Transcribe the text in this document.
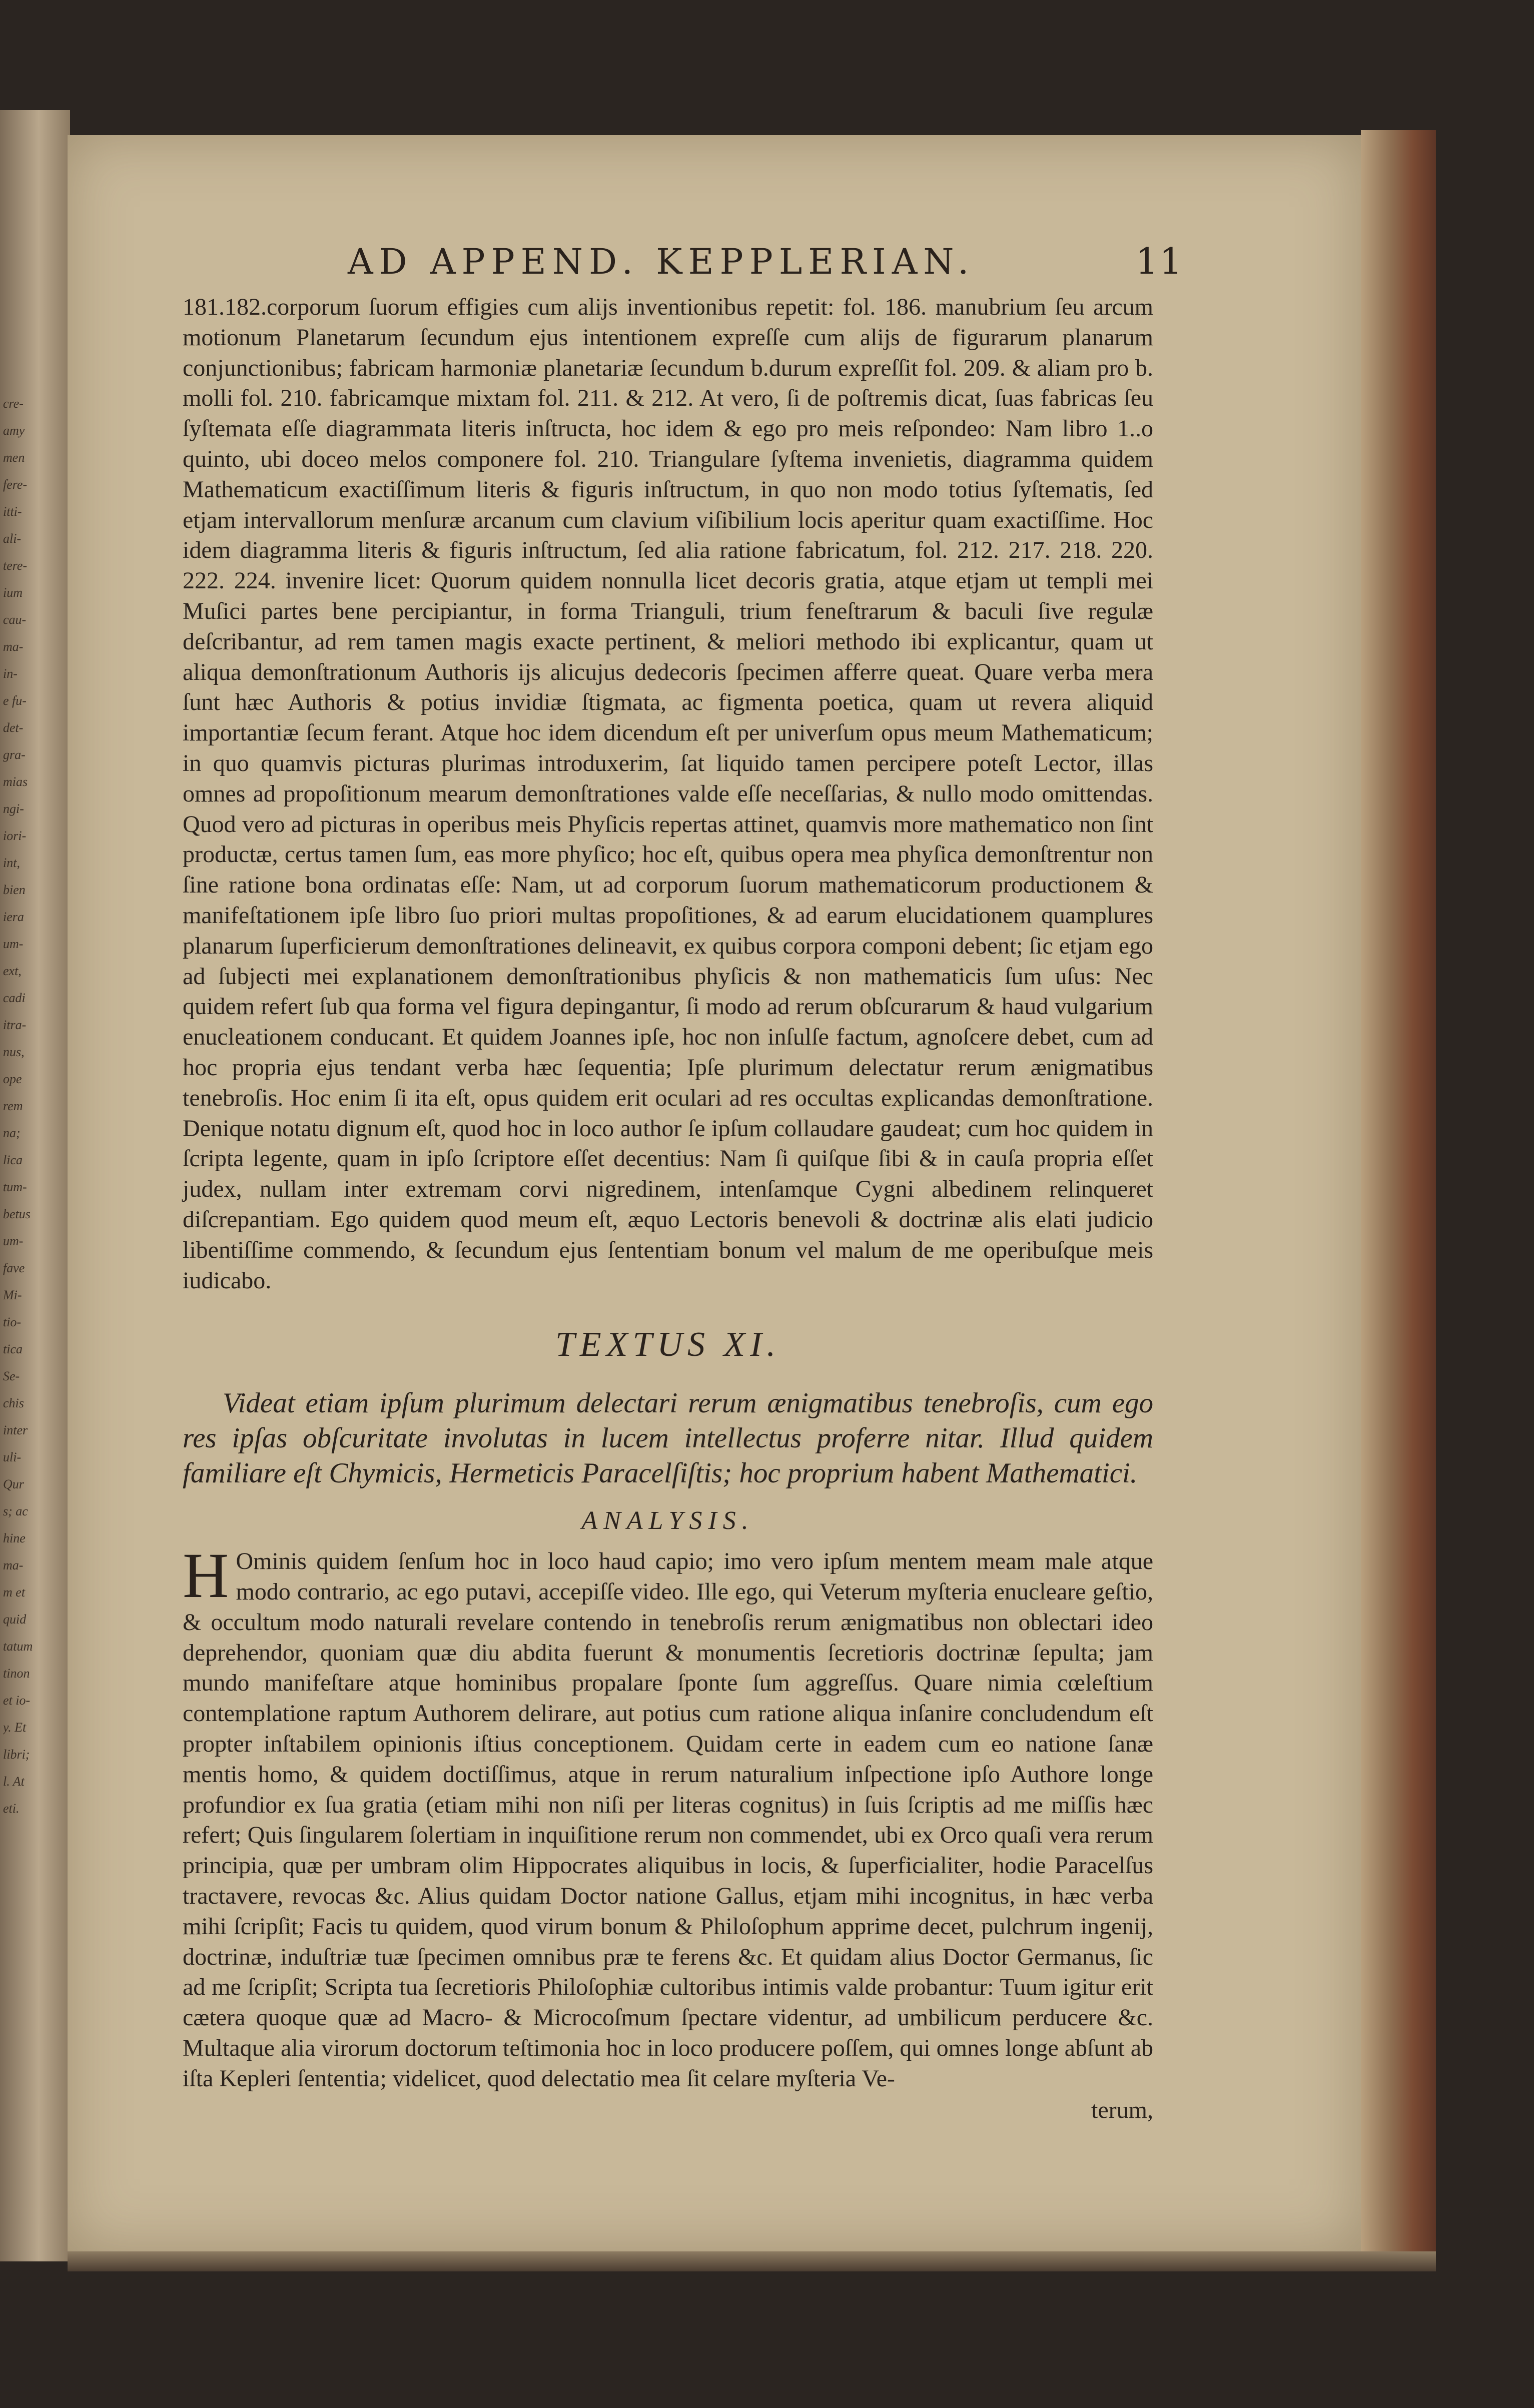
cre-
amy
men
fere-
itti-
ali-
tere-
ium
cau-
ma-
in-
e fu-
det-
gra-
mias
ngi-
iori-
int,
bien
iera
um-
ext,
cadi
itra-
nus,
ope
rem
na;
lica
tum-
betus
um-
fave
Mi-
tio-
tica
Se-
chis
inter
uli-
Qur
s; ac
hine
ma-
m et
quid
tatum
tinon
et io-
y. Et
libri;
l. At
eti.
AD APPEND. KEPPLERIAN.	11

181.182.corporum ſuorum effigies cum alijs inventionibus repetit: fol. 186. manubrium ſeu arcum motionum Planetarum ſecundum ejus intentionem expreſſe cum alijs de figurarum planarum conjunctionibus; fabricam harmoniæ planetariæ ſecundum b.durum expreſſit fol. 209. & aliam pro b. molli fol. 210. fabricamque mixtam fol. 211. & 212. At vero, ſi de poſtremis dicat, ſuas fabricas ſeu ſyſtemata eſſe diagrammata literis inſtructa, hoc idem & ego pro meis reſpondeo: Nam libro 1..o quinto, ubi doceo melos componere fol. 210. Triangulare ſyſtema invenietis, diagramma quidem Mathematicum exactiſſimum literis & figuris inſtructum, in quo non modo totius ſyſtematis, ſed etjam intervallorum menſuræ arcanum cum clavium viſibilium locis aperitur quam exactiſſime. Hoc idem diagramma literis & figuris inſtructum, ſed alia ratione fabricatum, fol. 212. 217. 218. 220. 222. 224. invenire licet: Quorum quidem nonnulla licet decoris gratia, atque etjam ut templi mei Muſici partes bene percipiantur, in forma Trianguli, trium feneſtrarum & baculi ſive regulæ deſcribantur, ad rem tamen magis exacte pertinent, & meliori methodo ibi explicantur, quam ut aliqua demonſtrationum Authoris ijs alicujus dedecoris ſpecimen afferre queat. Quare verba mera ſunt hæc Authoris & potius invidiæ ſtigmata, ac figmenta poetica, quam ut revera aliquid importantiæ ſecum ferant. Atque hoc idem dicendum eſt per univerſum opus meum Mathematicum; in quo quamvis picturas plurimas introduxerim, ſat liquido tamen percipere poteſt Lector, illas omnes ad propoſitionum mearum demonſtrationes valde eſſe neceſſarias, & nullo modo omittendas. Quod vero ad picturas in operibus meis Phyſicis repertas attinet, quamvis more mathematico non ſint productæ, certus tamen ſum, eas more phyſico; hoc eſt, quibus opera mea phyſica demonſtrentur non ſine ratione bona ordinatas eſſe: Nam, ut ad corporum ſuorum mathematicorum productionem & manifeſtationem ipſe libro ſuo priori multas propoſitiones, & ad earum elucidationem quamplures planarum ſuperficierum demonſtrationes delineavit, ex quibus corpora componi debent; ſic etjam ego ad ſubjecti mei explanationem demonſtrationibus phyſicis & non mathematicis ſum uſus: Nec quidem refert ſub qua forma vel figura depingantur, ſi modo ad rerum obſcurarum & haud vulgarium enucleationem conducant. Et quidem Joannes ipſe, hoc non inſulſe factum, agnoſcere debet, cum ad hoc propria ejus tendant verba hæc ſequentia; Ipſe plurimum delectatur rerum ænigmatibus tenebroſis. Hoc enim ſi ita eſt, opus quidem erit oculari ad res occultas explicandas demonſtratione. Denique notatu dignum eſt, quod hoc in loco author ſe ipſum collaudare gaudeat; cum hoc quidem in ſcripta legente, quam in ipſo ſcriptore eſſet decentius: Nam ſi quiſque ſibi & in cauſa propria eſſet judex, nullam inter extremam corvi nigredinem, intenſamque Cygni albedinem relinqueret diſcrepantiam. Ego quidem quod meum eſt, æquo Lectoris benevoli & doctrinæ alis elati judicio libentiſſime commendo, & ſecundum ejus ſententiam bonum vel malum de me operibuſque meis iudicabo.

TEXTUS XI.

Videat etiam ipſum plurimum delectari rerum ænigmatibus tenebroſis, cum ego res ipſas obſcuritate involutas in lucem intellectus proferre nitar. Illud quidem familiare eſt Chymicis, Hermeticis Paracelſiſtis; hoc proprium habent Mathematici.

ANALYSIS.

H Ominis quidem ſenſum hoc in loco haud capio; imo vero ipſum mentem meam male atque modo contrario, ac ego putavi, accepiſſe video. Ille ego, qui Veterum myſteria enucleare geſtio, & occultum modo naturali revelare contendo in tenebroſis rerum ænigmatibus non oblectari ideo deprehendor, quoniam quæ diu abdita fuerunt & monumentis ſecretioris doctrinæ ſepulta; jam mundo manifeſtare atque hominibus propalare ſponte ſum aggreſſus. Quare nimia cœleſtium contemplatione raptum Authorem delirare, aut potius cum ratione aliqua inſanire concludendum eſt propter inſtabilem opinionis iſtius conceptionem. Quidam certe in eadem cum eo natione ſanæ mentis homo, & quidem doctiſſimus, atque in rerum naturalium inſpectione ipſo Authore longe profundior ex ſua gratia (etiam mihi non niſi per literas cognitus) in ſuis ſcriptis ad me miſſis hæc refert; Quis ſingularem ſolertiam in inquiſitione rerum non commendet, ubi ex Orco quaſi vera rerum principia, quæ per umbram olim Hippocrates aliquibus in locis, & ſuperficialiter, hodie Paracelſus tractavere, revocas &c. Alius quidam Doctor natione Gallus, etjam mihi incognitus, in hæc verba mihi ſcripſit; Facis tu quidem, quod virum bonum & Philoſophum apprime decet, pulchrum ingenij, doctrinæ, induſtriæ tuæ ſpecimen omnibus præ te ferens &c. Et quidam alius Doctor Germanus, ſic ad me ſcripſit; Scripta tua ſecretioris Philoſophiæ cultoribus intimis valde probantur: Tuum igitur erit cætera quoque quæ ad Macro- & Microcoſmum ſpectare videntur, ad umbilicum perducere &c. Multaque alia virorum doctorum teſtimonia hoc in loco producere poſſem, qui omnes longe abſunt ab iſta Kepleri ſententia; videlicet, quod delectatio mea ſit celare myſteria Ve-

terum,
